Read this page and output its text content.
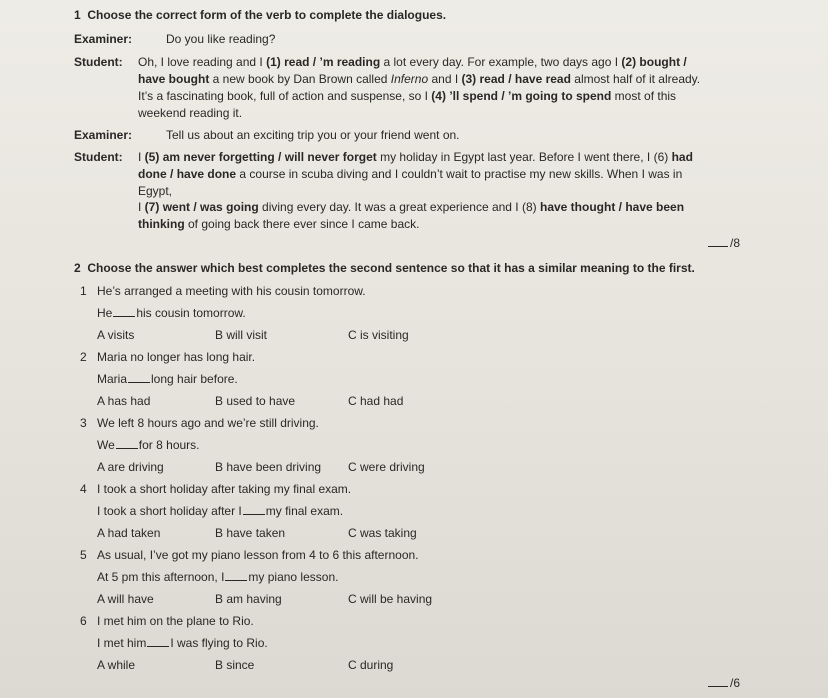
1 Choose the correct form of the verb to complete the dialogues.
Examiner:	Do you like reading?
Student: Oh, I love reading and I (1) read / ’m reading a lot every day. For example, two days ago I (2) bought /
have bought a new book by Dan Brown called Inferno and I (3) read / have read almost half of it already.
It’s a fascinating book, full of action and suspense, so I (4) ’ll spend / ’m going to spend most of this
weekend reading it.
Examiner:	Tell us about an exciting trip you or your friend went on.
Student: I (5) am never forgetting / will never forget my holiday in Egypt last year. Before I went there, I (6) had
done / have done a course in scuba diving and I couldn’t wait to practise my new skills. When I was in
Egypt,
I (7) went / was going diving every day. It was a great experience and I (8) have thought / have been
thinking of going back there ever since I came back.
/8
2 Choose the answer which best completes the second sentence so that it has a similar meaning to the first.
1 He’s arranged a meeting with his cousin tomorrow.
He his cousin tomorrow.
A visits	B will visit	C is visiting
2 Maria no longer has long hair.
Maria long hair before.
A has had	B used to have	C had had
3 We left 8 hours ago and we’re still driving.
We for 8 hours.
A are driving	B have been driving C were driving
4 I took a short holiday after taking my final exam.
I took a short holiday after I my final exam.
A had taken	B have taken	C was taking
5 As usual, I’ve got my piano lesson from 4 to 6 this afternoon.
At 5 pm this afternoon, I my piano lesson.
A will have	B am having	C will be having
6 I met him on the plane to Rio.
I met him I was flying to Rio.
A while	B since	C during
/6
